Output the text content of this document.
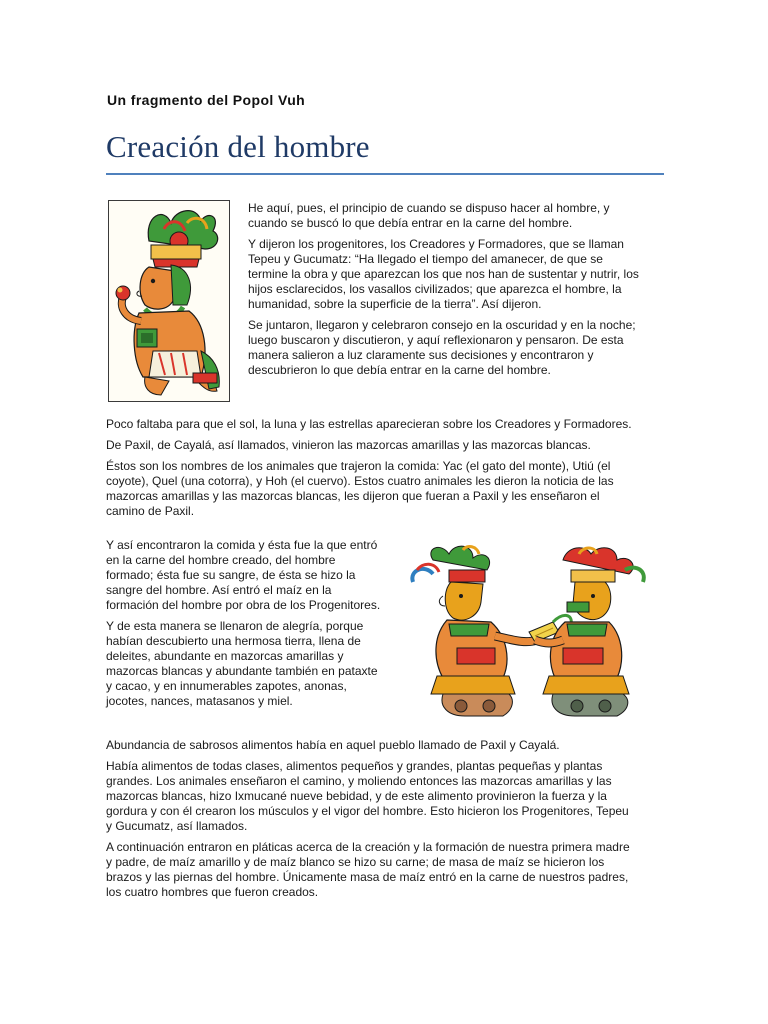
Un fragmento del Popol Vuh
Creación del hombre

He aquí, pues, el principio de cuando se dispuso hacer al hombre, y
cuando se buscó lo que debía entrar en la carne del hombre.

Y dijeron los progenitores, los Creadores y Formadores, que se llaman
Tepeu y Gucumatz: “Ha llegado el tiempo del amanecer, de que se
termine la obra y que aparezcan los que nos han de sustentar y nutrir, los
hijos esclarecidos, los vasallos civilizados; que aparezca el hombre, la
humanidad, sobre la superficie de la tierra”. Así dijeron.

Se juntaron, llegaron y celebraron consejo en la oscuridad y en la noche;
luego buscaron y discutieron, y aquí reflexionaron y pensaron. De esta
manera salieron a luz claramente sus decisiones y encontraron y
descubrieron lo que debía entrar en la carne del hombre.

Poco faltaba para que el sol, la luna y las estrellas aparecieran sobre los Creadores y Formadores.

De Paxil, de Cayalá, así llamados, vinieron las mazorcas amarillas y las mazorcas blancas.

Éstos son los nombres de los animales que trajeron la comida: Yac (el gato del monte), Utiú (el
coyote), Quel (una cotorra), y Hoh (el cuervo). Estos cuatro animales les dieron la noticia de las
mazorcas amarillas y las mazorcas blancas, les dijeron que fueran a Paxil y les enseñaron el
camino de Paxil.

Y así encontraron la comida y ésta fue la que entró
en la carne del hombre creado, del hombre
formado; ésta fue su sangre, de ésta se hizo la
sangre del hombre. Así entró el maíz en la
formación del hombre por obra de los Progenitores.

Y de esta manera se llenaron de alegría, porque
habían descubierto una hermosa tierra, llena de
deleites, abundante en mazorcas amarillas y
mazorcas blancas y abundante también en pataxte
y cacao, y en innumerables zapotes, anonas,
jocotes, nances, matasanos y miel.

Abundancia de sabrosos alimentos había en aquel pueblo llamado de Paxil y Cayalá.

Había alimentos de todas clases, alimentos pequeños y grandes, plantas pequeñas y plantas
grandes. Los animales enseñaron el camino, y moliendo entonces las mazorcas amarillas y las
mazorcas blancas, hizo Ixmucané nueve bebidad, y de este alimento provinieron la fuerza y la
gordura y con él crearon los músculos y el vigor del hombre. Esto hicieron los Progenitores, Tepeu
y Gucumatz, así llamados.

A continuación entraron en pláticas acerca de la creación y la formación de nuestra primera madre
y padre, de maíz amarillo y de maíz blanco se hizo su carne; de masa de maíz se hicieron los
brazos y las piernas del hombre. Únicamente masa de maíz entró en la carne de nuestros padres,
los cuatro hombres que fueron creados.
